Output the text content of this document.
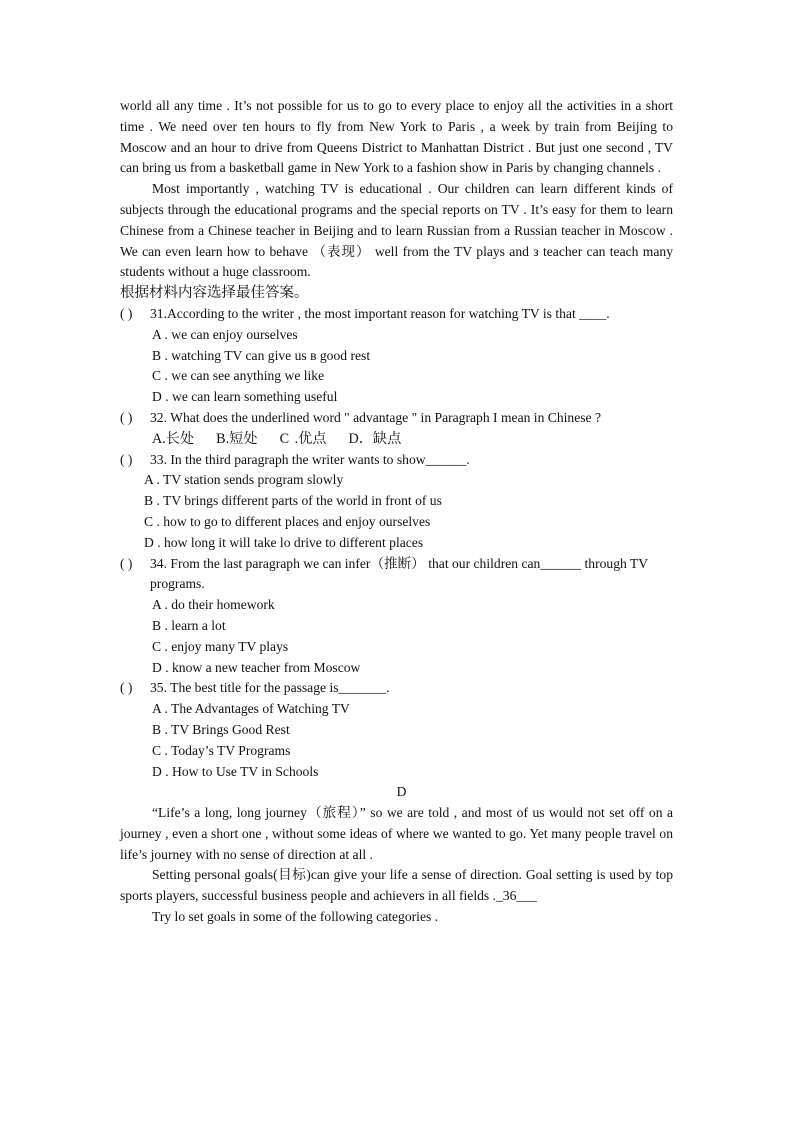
world all any time . It’s not possible for us to go to every place to enjoy all the activities in a short time . We need over ten hours to fly from New York to Paris , a week by train from Beijing to Moscow and an hour to drive from Queens District to Manhattan District . But just one second , TV can bring us from a basketball game in New York to a fashion show in Paris by changing channels .

Most importantly , watching TV is educational . Our children can learn different kinds of subjects through the educational programs and the special reports on TV . It’s easy for them to learn Chinese from a Chinese teacher in Beijing and to learn Russian from a Russian teacher in Moscow . We can even learn how to behave （表现） well from the TV plays and з teacher can teach many students without a huge classroom.

根据材料内容选择最佳答案。

( )	31.According to the writer , the most important reason for watching TV is that ____.

A . we can enjoy ourselves

B . watching TV can give us в good rest

C . we can see anything we like

D . we can learn something useful

( )	32. What does the underlined word " advantage " in Paragraph I mean in Chinese ?

A.长处 B.短处 C .优点 D．缺点

( )	33. In the third paragraph the writer wants to show______.

A . TV station sends program slowly

B . TV brings different parts of the world in front of us

C . how to go to different places and enjoy ourselves

D . how long it will take lo drive to different places

( )	34. From the last paragraph we can infer（推断） that our children can______ through TV programs.

A . do their homework

B . learn a lot

C . enjoy many TV plays

D . know a new teacher from Moscow

( )	35. The best title for the passage is_______.

A . The Advantages of Watching TV

B . TV Brings Good Rest

C . Today’s TV Programs

D . How to Use TV in Schools

D

“Life’s a long, long journey（旅程）” so we are told , and most of us would not set off on a journey , even a short one , without some ideas of where we wanted to go. Yet many people travel on life’s journey with no sense of direction at all .

Setting personal goals(目标)can give your life a sense of direction. Goal setting is used by top sports players, successful business people and achievers in all fields ._36___

Try lo set goals in some of the following categories .
